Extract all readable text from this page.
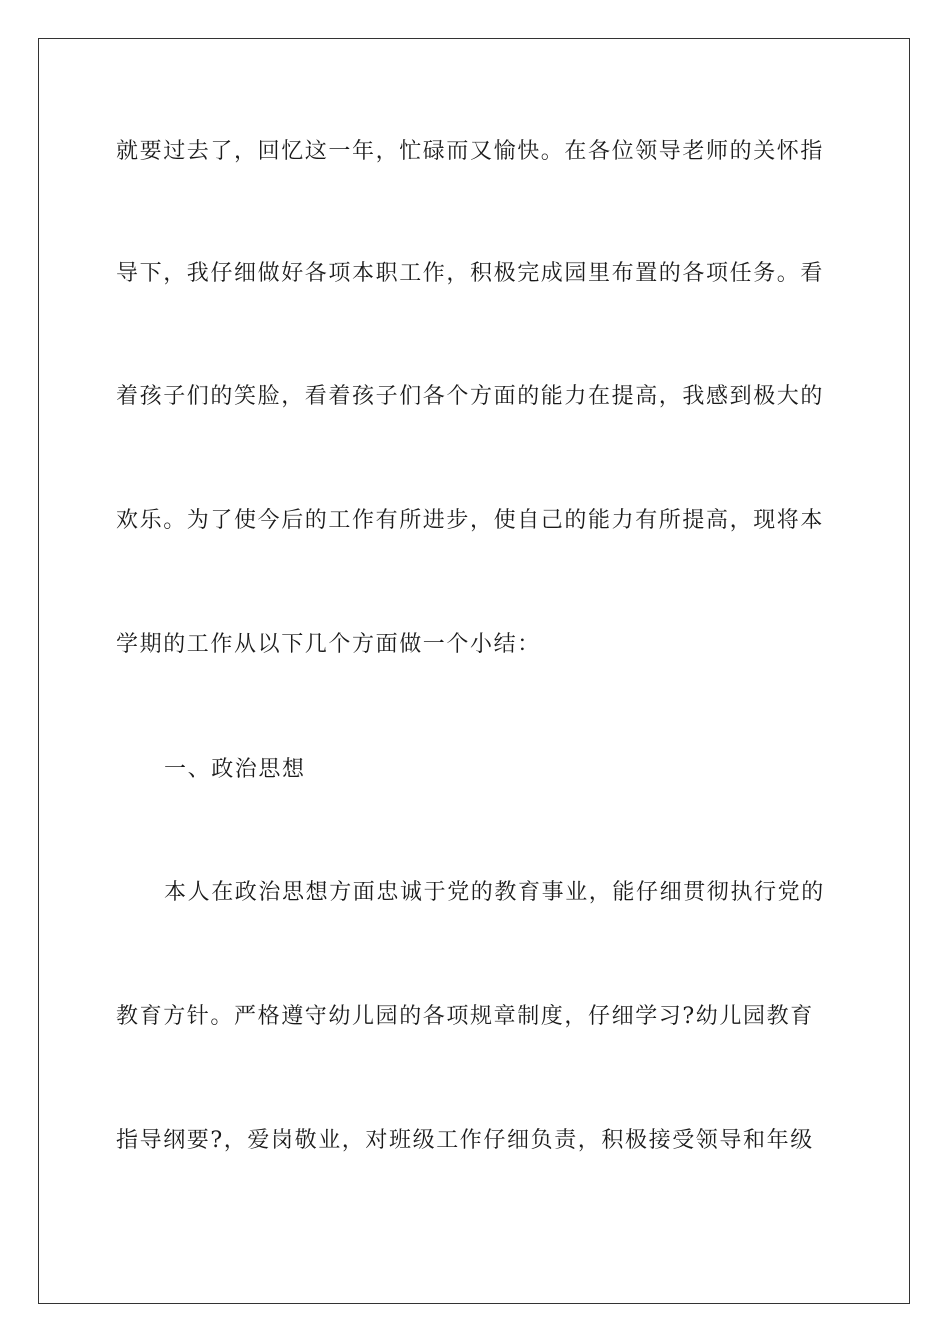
就要过去了，回忆这一年，忙碌而又愉快。在各位领导老师的关怀指
导下，我仔细做好各项本职工作，积极完成园里布置的各项任务。看
着孩子们的笑脸，看着孩子们各个方面的能力在提高，我感到极大的
欢乐。为了使今后的工作有所进步，使自己的能力有所提高，现将本
学期的工作从以下几个方面做一个小结：
一、政治思想
本人在政治思想方面忠诚于党的教育事业，能仔细贯彻执行党的
教育方针。严格遵守幼儿园的各项规章制度，仔细学习?幼儿园教育
指导纲要?，爱岗敬业，对班级工作仔细负责，积极接受领导和年级
